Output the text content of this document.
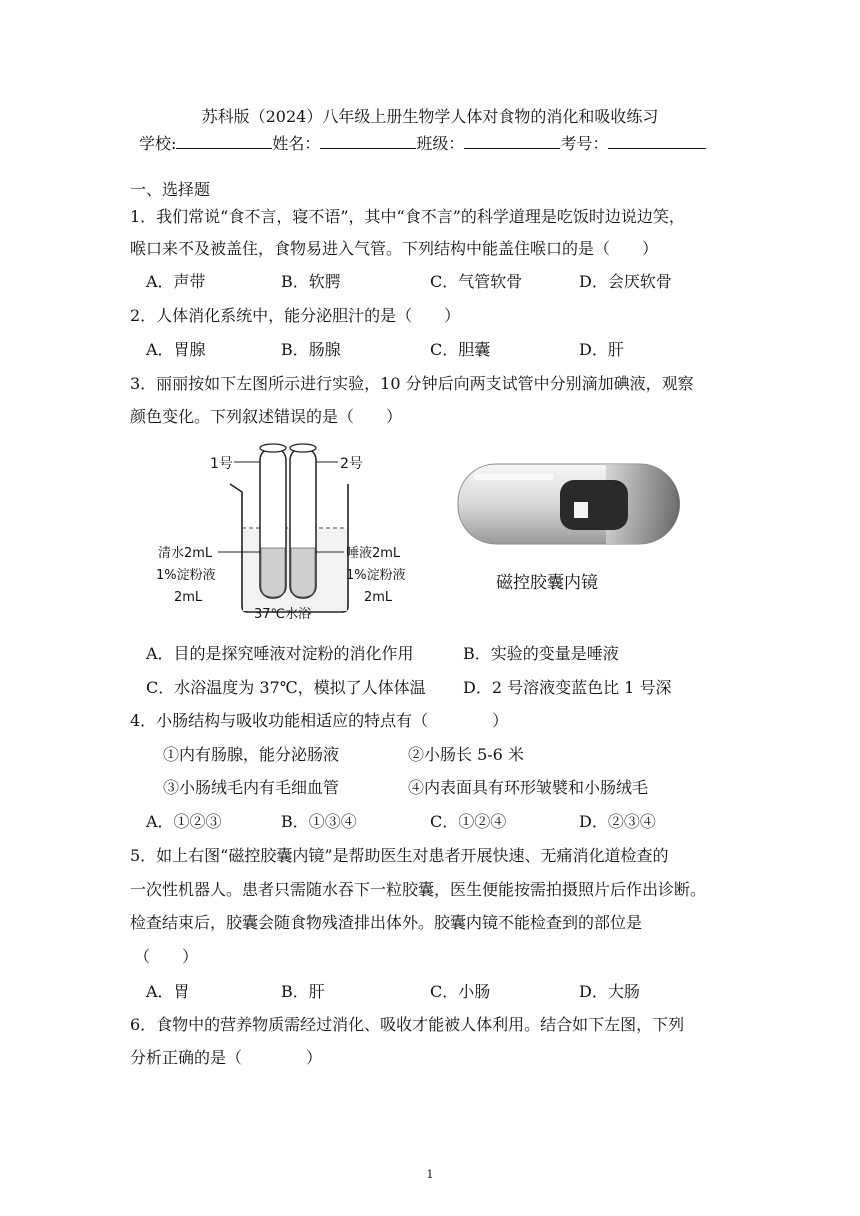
苏科版（2024）八年级上册生物学人体对食物的消化和吸收练习
学校:	姓名：	班级：	考号：
一、选择题
1．我们常说“食不言，寝不语”，其中“食不言”的科学道理是吃饭时边说边笑，
喉口来不及被盖住，食物易进入气管。下列结构中能盖住喉口的是（　　）
A．声带	B．软腭	C．气管软骨	D．会厌软骨
2．人体消化系统中，能分泌胆汁的是（　　）
A．胃腺	B．肠腺	C．胆囊	D．肝
3．丽丽按如下左图所示进行实验，10 分钟后向两支试管中分别滴加碘液，观察
颜色变化。下列叙述错误的是（　　）
1号	2号
清水2mL
1%淀粉液
2mL
唾液2mL
1%淀粉液
2mL
37℃水浴
磁控胶囊内镜
A．目的是探究唾液对淀粉的消化作用	B．实验的变量是唾液
C．水浴温度为 37℃，模拟了人体体温 D．2 号溶液变蓝色比 1 号深
4．小肠结构与吸收功能相适应的特点有（　　　　）
①内有肠腺，能分泌肠液	②小肠长 5-6 米
③小肠绒毛内有毛细血管	④内表面具有环形皱襞和小肠绒毛
A．①②③	B．①③④	C．①②④	D．②③④
5．如上右图“磁控胶囊内镜”是帮助医生对患者开展快速、无痛消化道检查的
一次性机器人。患者只需随水吞下一粒胶囊，医生便能按需拍摄照片后作出诊断。
检查结束后，胶囊会随食物残渣排出体外。胶囊内镜不能检查到的部位是
（　　）
A．胃	B．肝	C．小肠	D．大肠
6．食物中的营养物质需经过消化、吸收才能被人体利用。结合如下左图，下列
分析正确的是（　　　　）
1
